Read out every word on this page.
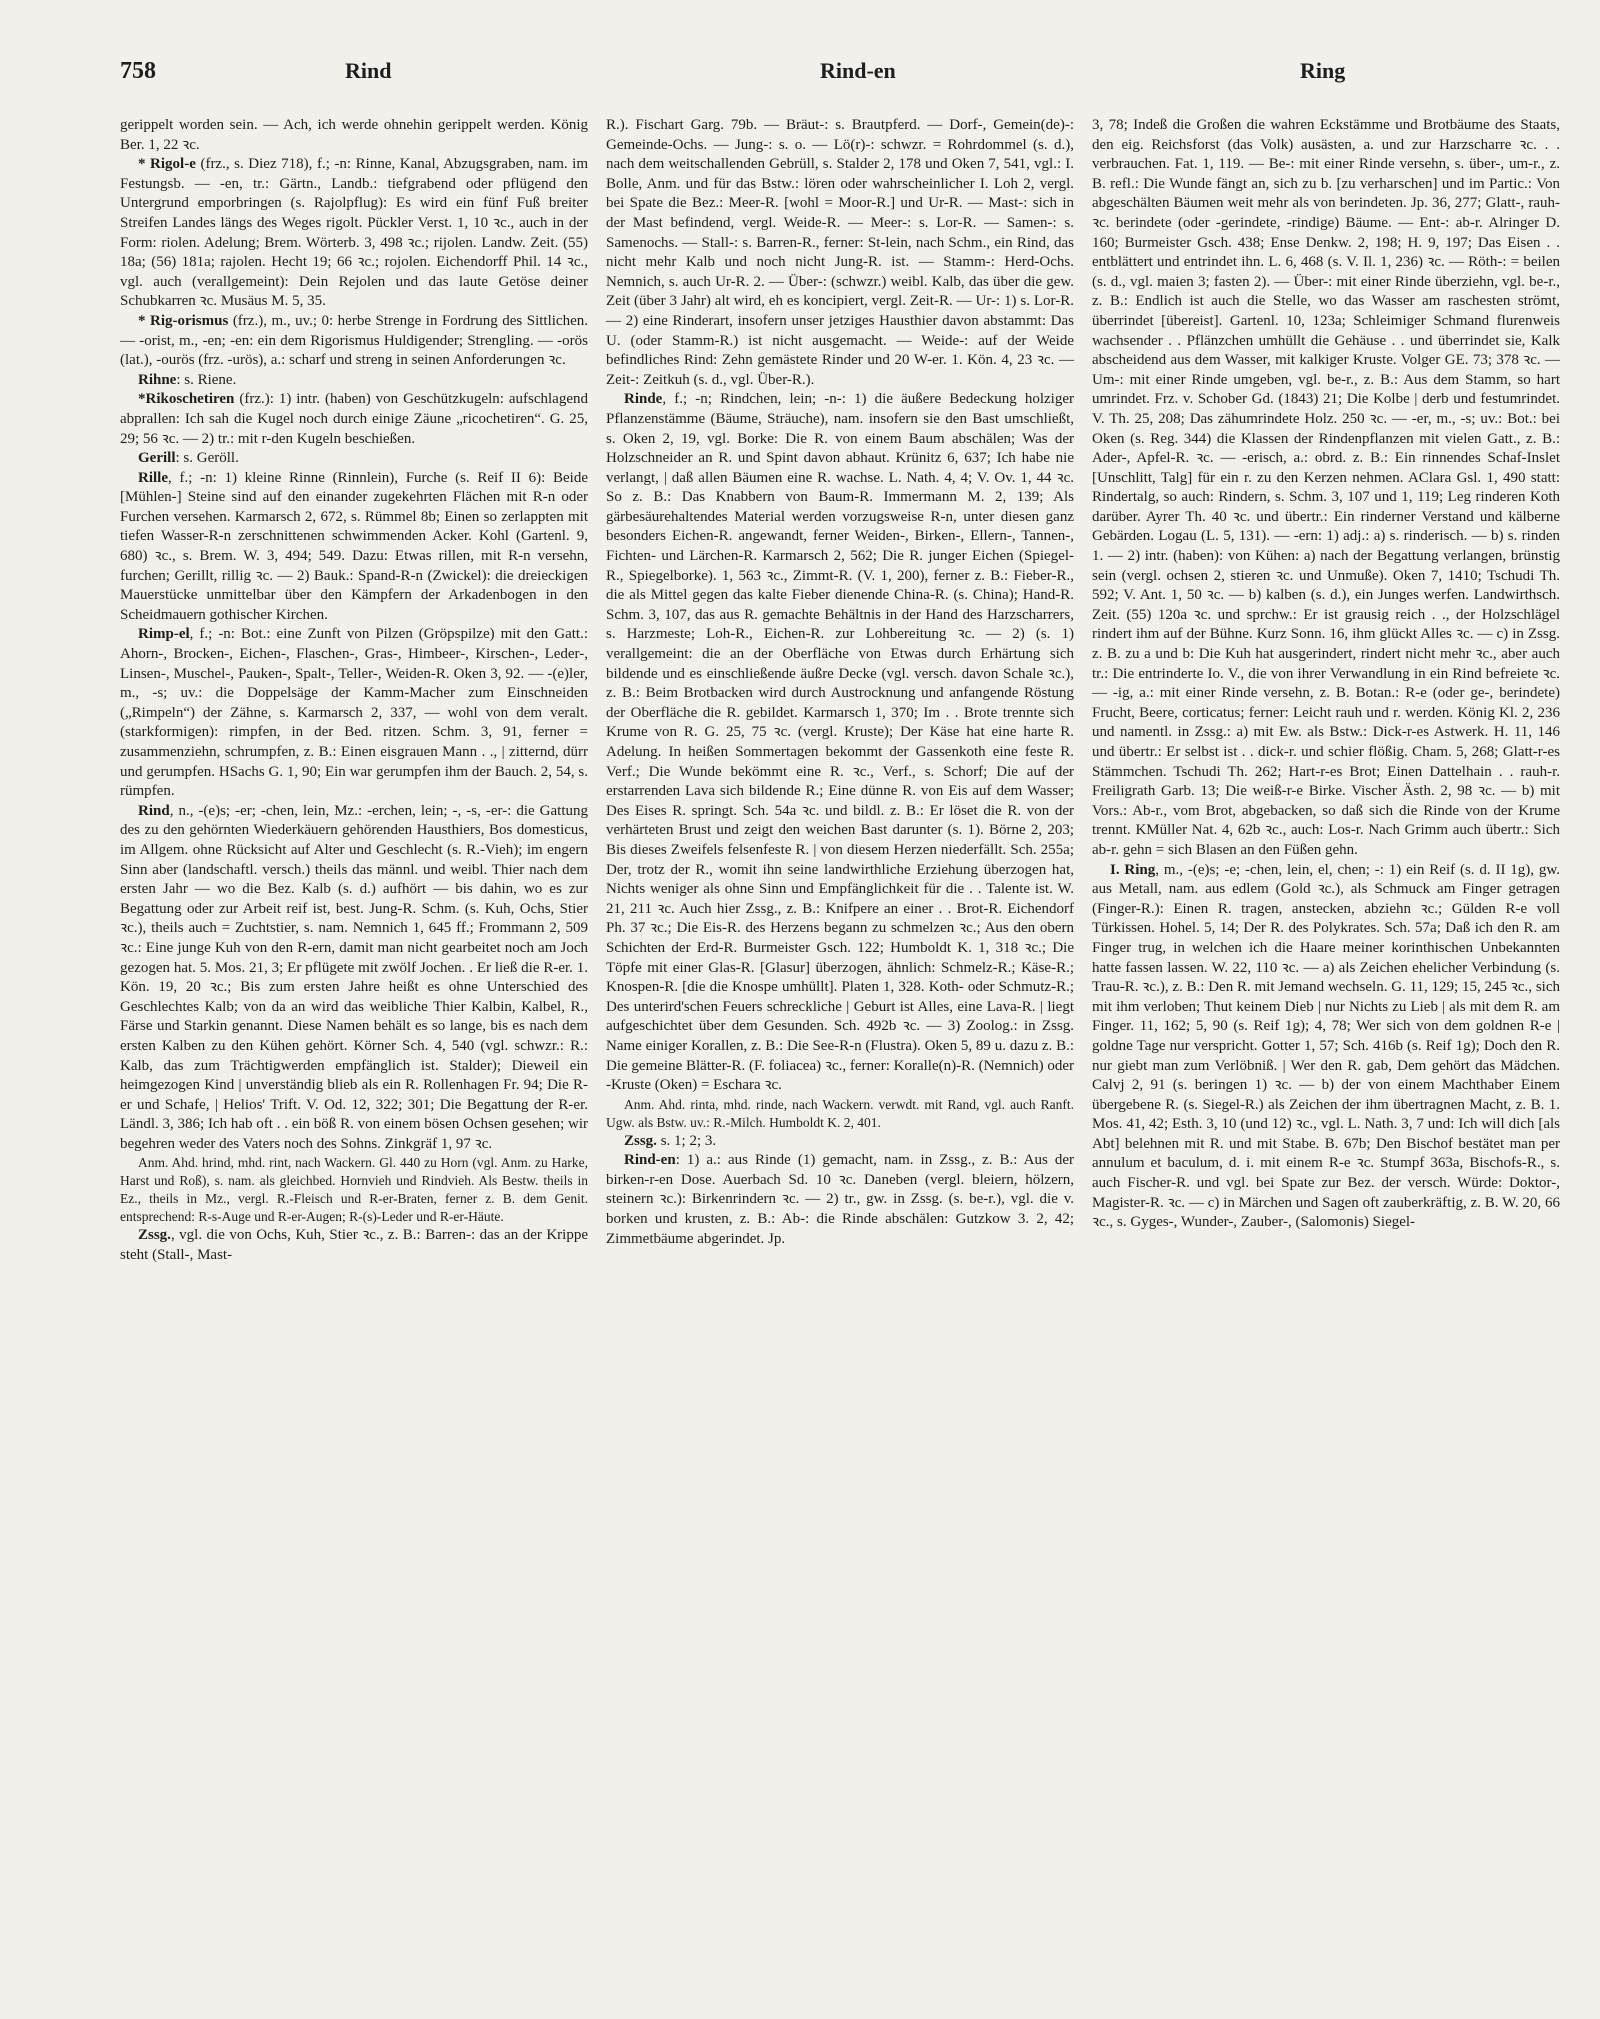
758	Rind	Rind-en	Ring

gerippelt worden sein. — Ach, ich werde ohnehin gerippelt werden. König Ber. 1, 22 ꝛc.

* Rigol-e (frz., s. Diez 718), f.; -n: Rinne, Kanal, Abzugsgraben, nam. im Festungsb. — -en, tr.: Gärtn., Landb.: tiefgrabend oder pflügend den Untergrund emporbringen (s. Rajolpflug): Es wird ein fünf Fuß breiter Streifen Landes längs des Weges rigolt. Pückler Verst. 1, 10 ꝛc., auch in der Form: riolen. Adelung; Brem. Wörterb. 3, 498 ꝛc.; rijolen. Landw. Zeit. (55) 18a; (56) 181a; rajolen. Hecht 19; 66 ꝛc.; rojolen. Eichendorff Phil. 14 ꝛc., vgl. auch (verallgemeint): Dein Rejolen und das laute Getöse deiner Schubkarren ꝛc. Musäus M. 5, 35.

* Rig-orismus (frz.), m., uv.; 0: herbe Strenge in Fordrung des Sittlichen. — -orist, m., -en; -en: ein dem Rigorismus Huldigender; Strengling. — -orös (lat.), -ourös (frz. -urös), a.: scharf und streng in seinen Anforderungen ꝛc.

Rihne: s. Riene.

*Rikoschetiren (frz.): 1) intr. (haben) von Geschützkugeln: aufschlagend abprallen: Ich sah die Kugel noch durch einige Zäune „ricochetiren“. G. 25, 29; 56 ꝛc. — 2) tr.: mit r-den Kugeln beschießen.

Gerill: s. Geröll.

Rille, f.; -n: 1) kleine Rinne (Rinnlein), Furche (s. Reif II 6): Beide [Mühlen-] Steine sind auf den einander zugekehrten Flächen mit R-n oder Furchen versehen. Karmarsch 2, 672, s. Rümmel 8b; Einen so zerlappten mit tiefen Wasser-R-n zerschnittenen schwimmenden Acker. Kohl (Gartenl. 9, 680) ꝛc., s. Brem. W. 3, 494; 549. Dazu: Etwas rillen, mit R-n versehn, furchen; Gerillt, rillig ꝛc. — 2) Bauk.: Spand-R-n (Zwickel): die dreieckigen Mauerstücke unmittelbar über den Kämpfern der Arkadenbogen in den Scheidmauern gothischer Kirchen.

Rimp-el, f.; -n: Bot.: eine Zunft von Pilzen (Gröpspilze) mit den Gatt.: Ahorn-, Brocken-, Eichen-, Flaschen-, Gras-, Himbeer-, Kirschen-, Leder-, Linsen-, Muschel-, Pauken-, Spalt-, Teller-, Weiden-R. Oken 3, 92. — -(e)ler, m., -s; uv.: die Doppelsäge der Kamm-Macher zum Einschneiden („Rimpeln“) der Zähne, s. Karmarsch 2, 337, — wohl von dem veralt. (starkformigen): rimpfen, in der Bed. ritzen. Schm. 3, 91, ferner = zusammenziehn, schrumpfen, z. B.: Einen eisgrauen Mann . ., | zitternd, dürr und gerumpfen. HSachs G. 1, 90; Ein war gerumpfen ihm der Bauch. 2, 54, s. rümpfen.

Rind, n., -(e)s; -er; -chen, lein, Mz.: -erchen, lein; -, -s, -er-: die Gattung des zu den gehörnten Wiederkäuern gehörenden Hausthiers, Bos domesticus, im Allgem. ohne Rücksicht auf Alter und Geschlecht (s. R.-Vieh); im engern Sinn aber (landschaftl. versch.) theils das männl. und weibl. Thier nach dem ersten Jahr — wo die Bez. Kalb (s. d.) aufhört — bis dahin, wo es zur Begattung oder zur Arbeit reif ist, best. Jung-R. Schm. (s. Kuh, Ochs, Stier ꝛc.), theils auch = Zuchtstier, s. nam. Nemnich 1, 645 ff.; Frommann 2, 509 ꝛc.: Eine junge Kuh von den R-ern, damit man nicht gearbeitet noch am Joch gezogen hat. 5. Mos. 21, 3; Er pflügete mit zwölf Jochen. . Er ließ die R-er. 1. Kön. 19, 20 ꝛc.; Bis zum ersten Jahre heißt es ohne Unterschied des Geschlechtes Kalb; von da an wird das weibliche Thier Kalbin, Kalbel, R., Färse und Starkin genannt. Diese Namen behält es so lange, bis es nach dem ersten Kalben zu den Kühen gehört. Körner Sch. 4, 540 (vgl. schwzr.: R.: Kalb, das zum Trächtigwerden empfänglich ist. Stalder); Dieweil ein heimgezogen Kind | unverständig blieb als ein R. Rollenhagen Fr. 94; Die R-er und Schafe, | Helios' Trift. V. Od. 12, 322; 301; Die Begattung der R-er. Ländl. 3, 386; Ich hab oft . . ein böß R. von einem bösen Ochsen gesehen; wir begehren weder des Vaters noch des Sohns. Zinkgräf 1, 97 ꝛc.

Anm. Ahd. hrind, mhd. rint, nach Wackern. Gl. 440 zu Horn (vgl. Anm. zu Harke, Harst und Roß), s. nam. als gleichbed. Hornvieh und Rindvieh. Als Bestw. theils in Ez., theils in Mz., vergl. R.-Fleisch und R-er-Braten, ferner z. B. dem Genit. entsprechend: R-s-Auge und R-er-Augen; R-(s)-Leder und R-er-Häute.

Zssg., vgl. die von Ochs, Kuh, Stier ꝛc., z. B.: Barren-: das an der Krippe steht (Stall-, Mast-

R.). Fischart Garg. 79b. — Bräut-: s. Brautpferd. — Dorf-, Gemein(de)-: Gemeinde-Ochs. — Jung-: s. o. — Lö(r)-: schwzr. = Rohrdommel (s. d.), nach dem weitschallenden Gebrüll, s. Stalder 2, 178 und Oken 7, 541, vgl.: I. Bolle, Anm. und für das Bstw.: lören oder wahrscheinlicher I. Loh 2, vergl. bei Spate die Bez.: Meer-R. [wohl = Moor-R.] und Ur-R. — Mast-: sich in der Mast befindend, vergl. Weide-R. — Meer-: s. Lor-R. — Samen-: s. Samenochs. — Stall-: s. Barren-R., ferner: St-lein, nach Schm., ein Rind, das nicht mehr Kalb und noch nicht Jung-R. ist. — Stamm-: Herd-Ochs. Nemnich, s. auch Ur-R. 2. — Über-: (schwzr.) weibl. Kalb, das über die gew. Zeit (über 3 Jahr) alt wird, eh es koncipiert, vergl. Zeit-R. — Ur-: 1) s. Lor-R. — 2) eine Rinderart, insofern unser jetziges Hausthier davon abstammt: Das U. (oder Stamm-R.) ist nicht ausgemacht. — Weide-: auf der Weide befindliches Rind: Zehn gemästete Rinder und 20 W-er. 1. Kön. 4, 23 ꝛc. — Zeit-: Zeitkuh (s. d., vgl. Über-R.).

Rinde, f.; -n; Rindchen, lein; -n-: 1) die äußere Bedeckung holziger Pflanzenstämme (Bäume, Sträuche), nam. insofern sie den Bast umschließt, s. Oken 2, 19, vgl. Borke: Die R. von einem Baum abschälen; Was der Holzschneider an R. und Spint davon abhaut. Krünitz 6, 637; Ich habe nie verlangt, | daß allen Bäumen eine R. wachse. L. Nath. 4, 4; V. Ov. 1, 44 ꝛc. So z. B.: Das Knabbern von Baum-R. Immermann M. 2, 139; Als gärbesäurehaltendes Material werden vorzugsweise R-n, unter diesen ganz besonders Eichen-R. angewandt, ferner Weiden-, Birken-, Ellern-, Tannen-, Fichten- und Lärchen-R. Karmarsch 2, 562; Die R. junger Eichen (Spiegel-R., Spiegelborke). 1, 563 ꝛc., Zimmt-R. (V. 1, 200), ferner z. B.: Fieber-R., die als Mittel gegen das kalte Fieber dienende China-R. (s. China); Hand-R. Schm. 3, 107, das aus R. gemachte Behältnis in der Hand des Harzscharrers, s. Harzmeste; Loh-R., Eichen-R. zur Lohbereitung ꝛc. — 2) (s. 1) verallgemeint: die an der Oberfläche von Etwas durch Erhärtung sich bildende und es einschließende äußre Decke (vgl. versch. davon Schale ꝛc.), z. B.: Beim Brotbacken wird durch Austrocknung und anfangende Röstung der Oberfläche die R. gebildet. Karmarsch 1, 370; Im . . Brote trennte sich Krume von R. G. 25, 75 ꝛc. (vergl. Kruste); Der Käse hat eine harte R. Adelung. In heißen Sommertagen bekommt der Gassenkoth eine feste R. Verf.; Die Wunde bekömmt eine R. ꝛc., Verf., s. Schorf; Die auf der erstarrenden Lava sich bildende R.; Eine dünne R. von Eis auf dem Wasser; Des Eises R. springt. Sch. 54a ꝛc. und bildl. z. B.: Er löset die R. von der verhärteten Brust und zeigt den weichen Bast darunter (s. 1). Börne 2, 203; Bis dieses Zweifels felsenfeste R. | von diesem Herzen niederfällt. Sch. 255a; Der, trotz der R., womit ihn seine landwirthliche Erziehung überzogen hat, Nichts weniger als ohne Sinn und Empfänglichkeit für die . . Talente ist. W. 21, 211 ꝛc. Auch hier Zssg., z. B.: Knifpere an einer . . Brot-R. Eichendorf Ph. 37 ꝛc.; Die Eis-R. des Herzens begann zu schmelzen ꝛc.; Aus den obern Schichten der Erd-R. Burmeister Gsch. 122; Humboldt K. 1, 318 ꝛc.; Die Töpfe mit einer Glas-R. [Glasur] überzogen, ähnlich: Schmelz-R.; Käse-R.; Knospen-R. [die die Knospe umhüllt]. Platen 1, 328. Koth- oder Schmutz-R.; Des unterird'schen Feuers schreckliche | Geburt ist Alles, eine Lava-R. | liegt aufgeschichtet über dem Gesunden. Sch. 492b ꝛc. — 3) Zoolog.: in Zssg. Name einiger Korallen, z. B.: Die See-R-n (Flustra). Oken 5, 89 u. dazu z. B.: Die gemeine Blätter-R. (F. foliacea) ꝛc., ferner: Koralle(n)-R. (Nemnich) oder -Kruste (Oken) = Eschara ꝛc.

Anm. Ahd. rinta, mhd. rinde, nach Wackern. verwdt. mit Rand, vgl. auch Ranft. Ugw. als Bstw. uv.: R.-Milch. Humboldt K. 2, 401.

Zssg. s. 1; 2; 3.

Rind-en: 1) a.: aus Rinde (1) gemacht, nam. in Zssg., z. B.: Aus der birken-r-en Dose. Auerbach Sd. 10 ꝛc. Daneben (vergl. bleiern, hölzern, steinern ꝛc.): Birkenrindern ꝛc. — 2) tr., gw. in Zssg. (s. be-r.), vgl. die v. borken und krusten, z. B.: Ab-: die Rinde abschälen: Gutzkow 3. 2, 42; Zimmetbäume abgerindet. Jp.

3, 78; Indeß die Großen die wahren Eckstämme und Brotbäume des Staats, den eig. Reichsforst (das Volk) ausästen, a. und zur Harzscharre ꝛc. . . verbrauchen. Fat. 1, 119. — Be-: mit einer Rinde versehn, s. über-, um-r., z. B. refl.: Die Wunde fängt an, sich zu b. [zu verharschen] und im Partic.: Von abgeschälten Bäumen weit mehr als von berindeten. Jp. 36, 277; Glatt-, rauh- ꝛc. berindete (oder -gerindete, -rindige) Bäume. — Ent-: ab-r. Alringer D. 160; Burmeister Gsch. 438; Ense Denkw. 2, 198; H. 9, 197; Das Eisen . . entblättert und entrindet ihn. L. 6, 468 (s. V. Il. 1, 236) ꝛc. — Röth-: = beilen (s. d., vgl. maien 3; fasten 2). — Über-: mit einer Rinde überziehn, vgl. be-r., z. B.: Endlich ist auch die Stelle, wo das Wasser am raschesten strömt, überrindet [übereist]. Gartenl. 10, 123a; Schleimiger Schmand flurenweis wachsender . . Pflänzchen umhüllt die Gehäuse . . und überrindet sie, Kalk abscheidend aus dem Wasser, mit kalkiger Kruste. Volger GE. 73; 378 ꝛc. — Um-: mit einer Rinde umgeben, vgl. be-r., z. B.: Aus dem Stamm, so hart umrindet. Frz. v. Schober Gd. (1843) 21; Die Kolbe | derb und festumrindet. V. Th. 25, 208; Das zähumrindete Holz. 250 ꝛc. — -er, m., -s; uv.: Bot.: bei Oken (s. Reg. 344) die Klassen der Rindenpflanzen mit vielen Gatt., z. B.: Ader-, Apfel-R. ꝛc. — -erisch, a.: obrd. z. B.: Ein rinnendes Schaf-Inslet [Unschlitt, Talg] für ein r. zu den Kerzen nehmen. AClara Gsl. 1, 490 statt: Rindertalg, so auch: Rindern, s. Schm. 3, 107 und 1, 119; Leg rinderen Koth darüber. Ayrer Th. 40 ꝛc. und übertr.: Ein rinderner Verstand und kälberne Gebärden. Logau (L. 5, 131). — -ern: 1) adj.: a) s. rinderisch. — b) s. rinden 1. — 2) intr. (haben): von Kühen: a) nach der Begattung verlangen, brünstig sein (vergl. ochsen 2, stieren ꝛc. und Unmuße). Oken 7, 1410; Tschudi Th. 592; V. Ant. 1, 50 ꝛc. — b) kalben (s. d.), ein Junges werfen. Landwirthsch. Zeit. (55) 120a ꝛc. und sprchw.: Er ist grausig reich . ., der Holzschlägel rindert ihm auf der Bühne. Kurz Sonn. 16, ihm glückt Alles ꝛc. — c) in Zssg. z. B. zu a und b: Die Kuh hat ausgerindert, rindert nicht mehr ꝛc., aber auch tr.: Die entrinderte Io. V., die von ihrer Verwandlung in ein Rind befreiete ꝛc. — -ig, a.: mit einer Rinde versehn, z. B. Botan.: R-e (oder ge-, berindete) Frucht, Beere, corticatus; ferner: Leicht rauh und r. werden. König Kl. 2, 236 und namentl. in Zssg.: a) mit Ew. als Bstw.: Dick-r-es Astwerk. H. 11, 146 und übertr.: Er selbst ist . . dick-r. und schier flößig. Cham. 5, 268; Glatt-r-es Stämmchen. Tschudi Th. 262; Hart-r-es Brot; Einen Dattelhain . . rauh-r. Freiligrath Garb. 13; Die weiß-r-e Birke. Vischer Ästh. 2, 98 ꝛc. — b) mit Vors.: Ab-r., vom Brot, abgebacken, so daß sich die Rinde von der Krume trennt. KMüller Nat. 4, 62b ꝛc., auch: Los-r. Nach Grimm auch übertr.: Sich ab-r. gehn = sich Blasen an den Füßen gehn.

I. Ring, m., -(e)s; -e; -chen, lein, el, chen; -: 1) ein Reif (s. d. II 1g), gw. aus Metall, nam. aus edlem (Gold ꝛc.), als Schmuck am Finger getragen (Finger-R.): Einen R. tragen, anstecken, abziehn ꝛc.; Gülden R-e voll Türkissen. Hohel. 5, 14; Der R. des Polykrates. Sch. 57a; Daß ich den R. am Finger trug, in welchen ich die Haare meiner korinthischen Unbekannten hatte fassen lassen. W. 22, 110 ꝛc. — a) als Zeichen ehelicher Verbindung (s. Trau-R. ꝛc.), z. B.: Den R. mit Jemand wechseln. G. 11, 129; 15, 245 ꝛc., sich mit ihm verloben; Thut keinem Dieb | nur Nichts zu Lieb | als mit dem R. am Finger. 11, 162; 5, 90 (s. Reif 1g); 4, 78; Wer sich von dem goldnen R-e | goldne Tage nur verspricht. Gotter 1, 57; Sch. 416b (s. Reif 1g); Doch den R. nur giebt man zum Verlöbniß. | Wer den R. gab, Dem gehört das Mädchen. Calvj 2, 91 (s. beringen 1) ꝛc. — b) der von einem Machthaber Einem übergebene R. (s. Siegel-R.) als Zeichen der ihm übertragnen Macht, z. B. 1. Mos. 41, 42; Esth. 3, 10 (und 12) ꝛc., vgl. L. Nath. 3, 7 und: Ich will dich [als Abt] belehnen mit R. und mit Stabe. B. 67b; Den Bischof bestätet man per annulum et baculum, d. i. mit einem R-e ꝛc. Stumpf 363a, Bischofs-R., s. auch Fischer-R. und vgl. bei Spate zur Bez. der versch. Würde: Doktor-, Magister-R. ꝛc. — c) in Märchen und Sagen oft zauberkräftig, z. B. W. 20, 66 ꝛc., s. Gyges-, Wunder-, Zauber-, (Salomonis) Siegel-
